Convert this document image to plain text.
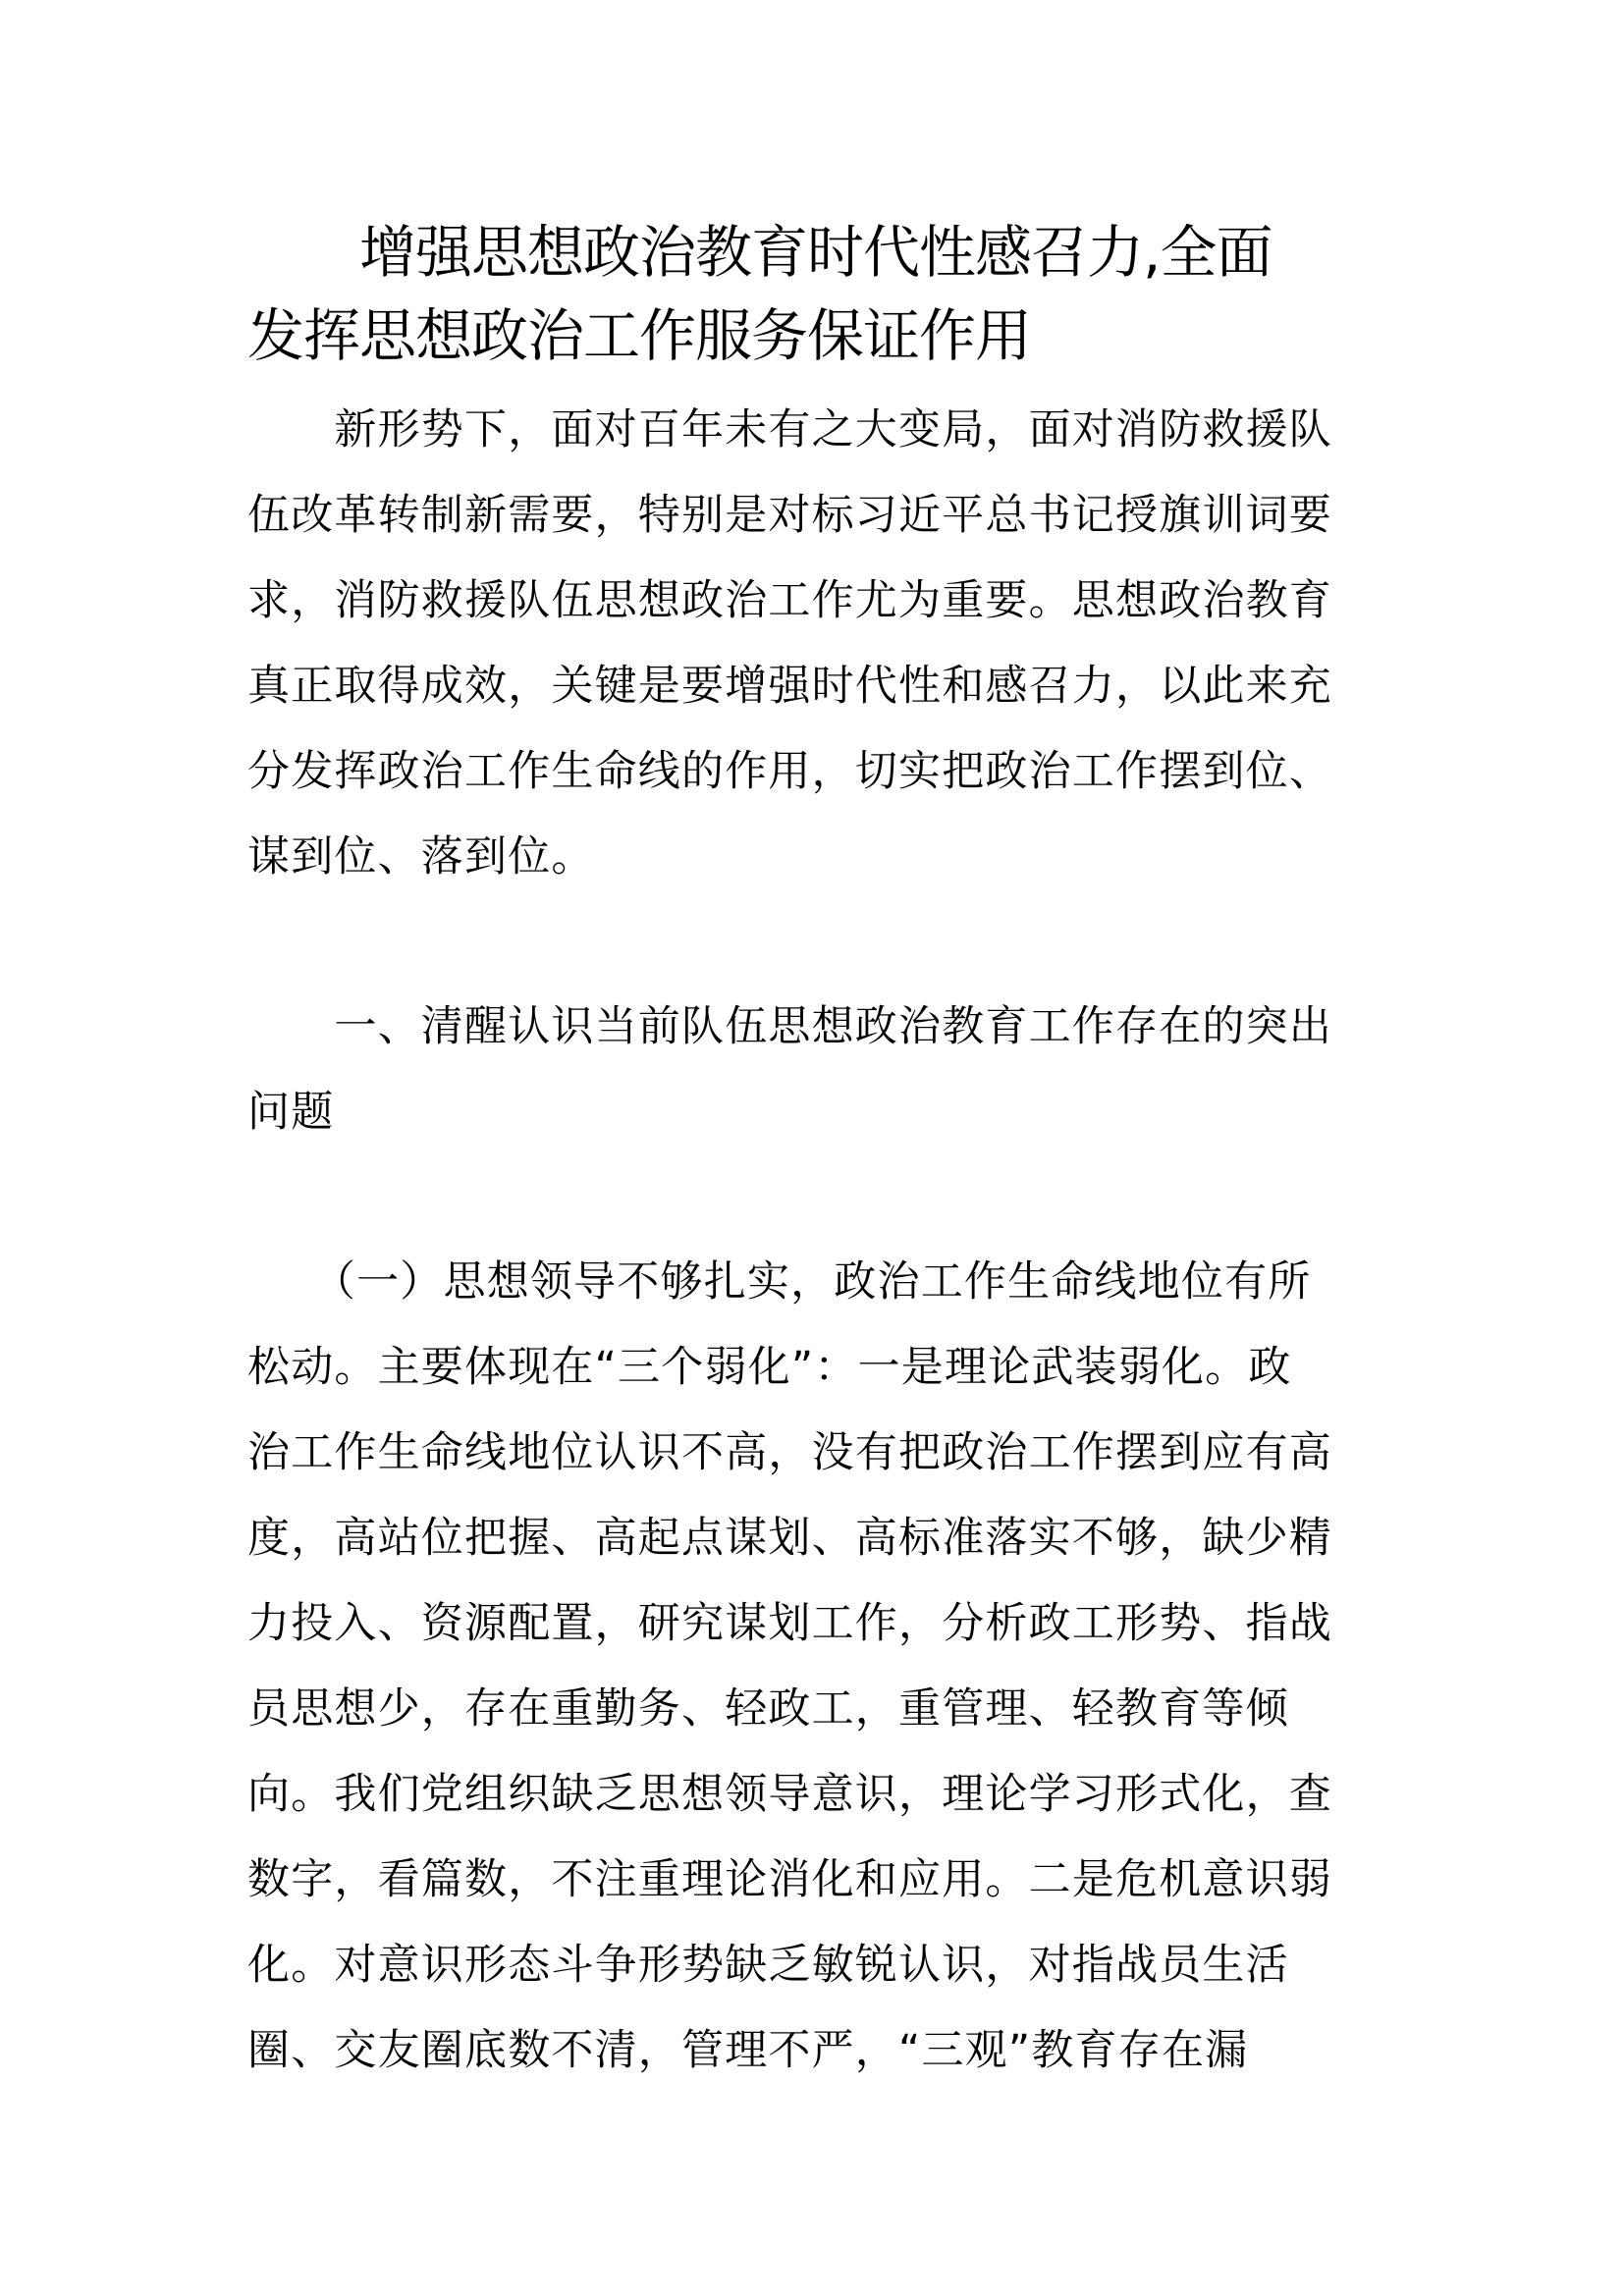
　　增强思想政治教育时代性感召力,全面
发挥思想政治工作服务保证作用
　　新形势下，面对百年未有之大变局，面对消防救援队
伍改革转制新需要，特别是对标习近平总书记授旗训词要
求，消防救援队伍思想政治工作尤为重要。思想政治教育
真正取得成效，关键是要增强时代性和感召力，以此来充
分发挥政治工作生命线的作用，切实把政治工作摆到位、
谋到位、落到位。
　　一、清醒认识当前队伍思想政治教育工作存在的突出
问题
　　（一）思想领导不够扎实，政治工作生命线地位有所
松动。主要体现在“三个弱化”：一是理论武装弱化。政
治工作生命线地位认识不高，没有把政治工作摆到应有高
度，高站位把握、高起点谋划、高标准落实不够，缺少精
力投入、资源配置，研究谋划工作，分析政工形势、指战
员思想少，存在重勤务、轻政工，重管理、轻教育等倾
向。我们党组织缺乏思想领导意识，理论学习形式化，查
数字，看篇数，不注重理论消化和应用。二是危机意识弱
化。对意识形态斗争形势缺乏敏锐认识，对指战员生活
圈、交友圈底数不清，管理不严，“三观”教育存在漏
